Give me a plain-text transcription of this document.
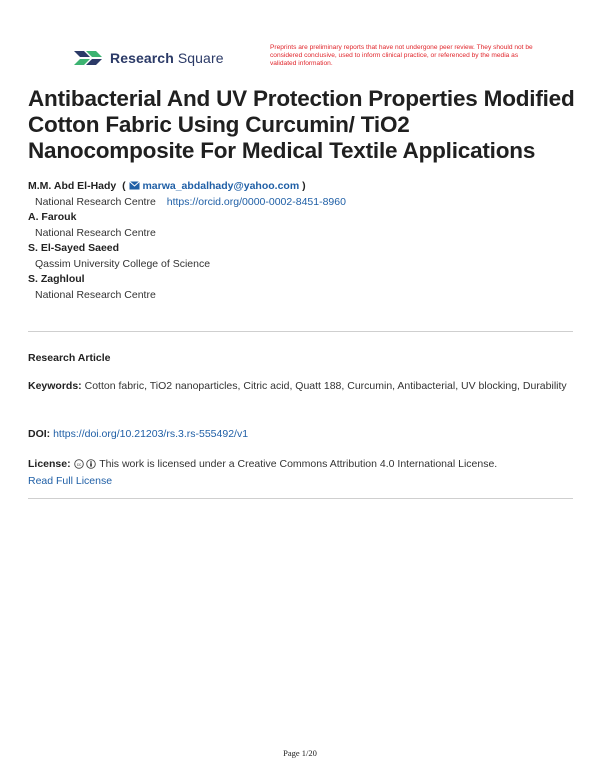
Research Square
Preprints are preliminary reports that have not undergone peer review. They should not be considered conclusive, used to inform clinical practice, or referenced by the media as validated information.
Antibacterial And UV Protection Properties Modified Cotton Fabric Using Curcumin/ TiO2 Nanocomposite For Medical Textile Applications
M.M. Abd El-Hady  (  marwa_abdalhady@yahoo.com )
National Research Centre https://orcid.org/0000-0002-8451-8960
A. Farouk
National Research Centre
S. El-Sayed Saeed
Qassim University College of Science
S. Zaghloul
National Research Centre
Research Article
Keywords: Cotton fabric, TiO2 nanoparticles, Citric acid, Quatt 188, Curcumin, Antibacterial, UV blocking, Durability
DOI: https://doi.org/10.21203/rs.3.rs-555492/v1
License: cc This work is licensed under a Creative Commons Attribution 4.0 International License.
Read Full License
Page 1/20
